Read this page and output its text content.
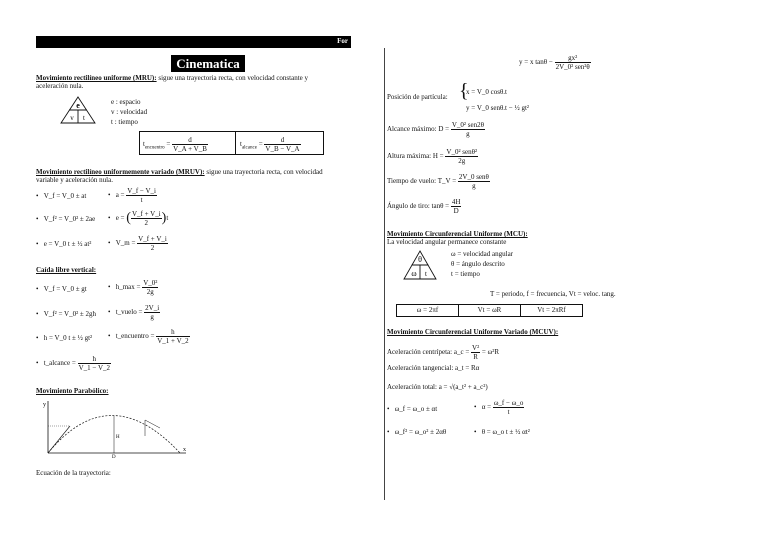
For
Cinematica
Movimiento rectilíneo uniforme (MRU): sigue una trayectoria recta, con velocidad constante y
aceleración nula.
e
v t
e : espacio
v : velocidad
t : tiempo
$t_{encuentro} = \frac{d}{V\_A + V\_B}$	$t_{alcance} = \frac{d}{V\_B - V\_A}$
Movimiento rectilíneo uniformemente variado (MRUV): sigue una trayectoria recta, con velocidad
variable y aceleración nula.
•   V_f = V_0 ± at	•   $a = \frac{V\_f - V\_i}{t}$
•   V_f² = V_0² ± 2ae •   e = ( $\frac{V\_f + V\_i}{2} )t$
•   e = V_0 t ± ½ at² •   V_m = $\frac{V\_f + V\_i}{2}$
Caída libre vertical:
•   V_f = V_0 ± gt	•   h_max = $\frac{\text{V\_0²}}{2g}$
•   V_f² = V_0² ± 2gh •   t_vuelo = $\frac{2V\_i}{g}$
•   h = V_0 t ± ½ gt² •   t_encuentro = $\frac{h}{V\_1 + V\_2}$
•   t_alcance = $\frac{h}{V\_1 - V\_2}$
Movimiento Parabólico:
y
x
H
D
Ecuación de la trayectoria:
y = x $\tan\theta - \frac{\text{gx²}}{\text{2V\_0² sen²θ}}$
Posición de partícula: {
x = V_0 cosθ.t
y = V_0 senθ.t − ½ gt²
Alcance máximo: $D = \frac{\text{V\_0² sen2θ}}{g}$
Altura máxima: $H = \frac{\text{V\_0² senθ²}}{2g}$
Tiempo de vuelo: T_V = $\frac{\text{2V\_0 senθ}}{g}$
Ángulo de tiro: $\tan\theta = \frac{4H}{D}$
Movimiento Circunferencial Uniforme (MCU):
La velocidad angular permanece constante
θ
ω t
ω = velocidad angular
θ = ángulo descrito
t = tiempo
T = periodo, f = frecuencia, Vt = veloc. tang.
ω = 2πf	Vt = ωR	Vt = 2πRf
Movimiento Circunferencial Uniforme Variado (MCUV):
Aceleración centrípeta: a_c = $\frac{\text{V²}}{R} = \omega^2R$
Aceleración tangencial: a_t = Rα
Aceleración total: a = √(a_t² + a_c²)
•   ω_f = ω_o ± αt	•   $\alpha = \frac{\omega\_f - \omega\_o}{t}$
•   ω_f² = ω_o² ± 2αθ	•   θ = ω_o t ± ½ αt²
